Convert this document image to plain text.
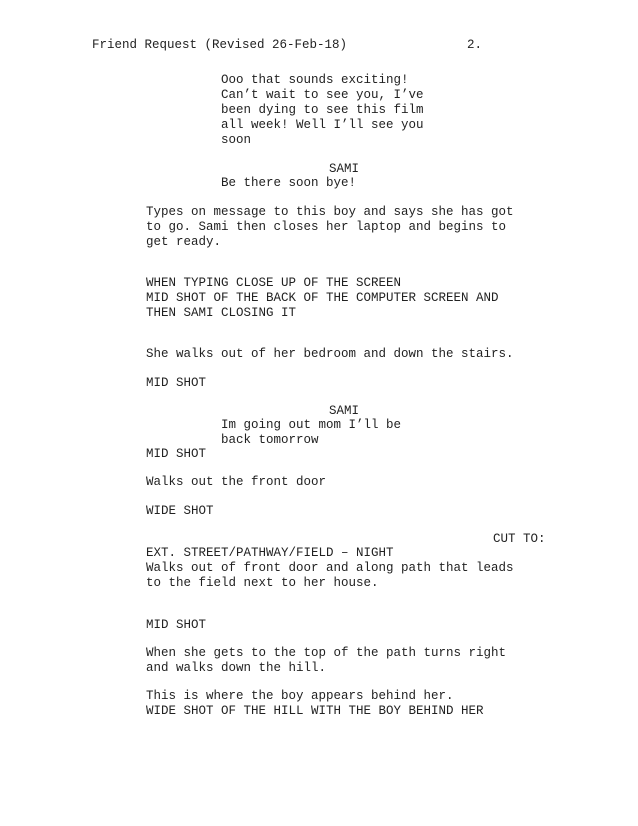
Friend Request (Revised 26-Feb-18)	2.
Ooo that sounds exciting!
Can’t wait to see you, I’ve
been dying to see this film
all week! Well I’ll see you
soon
SAMI
Be there soon bye!
Types on message to this boy and says she has got
to go. Sami then closes her laptop and begins to
get ready.
WHEN TYPING CLOSE UP OF THE SCREEN
MID SHOT OF THE BACK OF THE COMPUTER SCREEN AND
THEN SAMI CLOSING IT
She walks out of her bedroom and down the stairs.
MID SHOT
SAMI
Im going out mom I’ll be
back tomorrow
MID SHOT
Walks out the front door
WIDE SHOT
CUT TO:
EXT. STREET/PATHWAY/FIELD – NIGHT
Walks out of front door and along path that leads
to the field next to her house.
MID SHOT
When she gets to the top of the path turns right
and walks down the hill.
This is where the boy appears behind her.
WIDE SHOT OF THE HILL WITH THE BOY BEHIND HER
